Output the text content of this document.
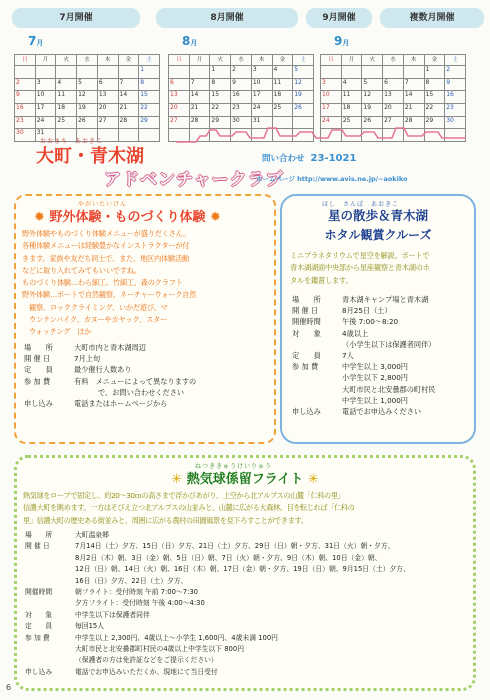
7月開催	8月開催	9月開催	複数月開催
7月
日	月	火	水	木	金	土
						1
2	3	4	5	6	7	8
9	10	11	12	13	14	15
16	17	18	19	20	21	22
23	24	25	26	27	28	29
30	31					
8月
日	月	火	水	木	金	土
		1	2	3	4	5
6	7	8	9	10	11	12
13	14	15	16	17	18	19
20	21	22	23	24	25	26
27	28	29	30	31		

9月
日	月	火	水	木	金	土
					1	2
3	4	5	6	7	8	9
10	11	12	13	14	15	16
17	18	19	20	21	22	23
24	25	26	27	28	29	30

おおまち　あおきこ
大町・青木湖
アドベンチャークラブ
問い合わせ 23-1021
ホームページ http://www.avis.ne.jp/~aokiko
やがいたいけん
✹ 野外体験・ものづくり体験 ✹
野外体験やものづくり体験メニューが盛りだくさん。
各種体験メニューは経験豊かなインストラクターが付
きます。家族や友だち同士で、また、地区内体験活動
などに取り入れてみてもいいですね。
ものづくり体験…わら細工、竹細工、森のクラフト
野外体験…ボートで自然観察、ネーチャーウォーク自然
　観察、ロッククライミング、いかだ遊び、マ
　ウンテンバイク、カヌーやカヤック、スター
　ウォッチング　ほか
場　　所	大町市内と青木湖周辺
開 催 日	7月上旬
定　　員	最少催行人数あり
参 加 費	有料　メニューによって異なりますの
で、お問い合わせください
申し込み	電話またはホームページから
ほし　さんぽ　あおきこ
星の散歩＆青木湖
ホタル観賞クルーズ
ミニプラネタリウムで星空を解説。ボートで
青木湖湖面中央部から星座観察と青木湖のホ
タルを鑑賞します。
場　　所	青木湖キャンプ場と青木湖
開 催 日	8月25日（土）
開催時間	午後 7:00～8:20
対　　象	4歳以上
（小学生以下は保護者同伴）
定　　員	7人
参 加 費	中学生以上 3,000円
小学生以下 2,800円
大町市民と北安曇郡の町村民
中学生以上 1,000円
申し込み	電話でお申込みください
ねつききゅうけいりゅう
✳ 熱気球係留フライト ✳
熱気球をロープで固定し、約20～30ｍの高さまで浮かびあがり、上空から北アルプスの山麓「仁科の里」
信濃大町を眺めます。一方はそびえ立つ北アルプスの山並みと、山麓に広がる大森林。目を転じれば「仁科の
里」信濃大町の歴史ある街並みと、周囲に広がる農村の田園風景を見下ろすことができます。
場　　所	大町温泉郷
開 催 日	7月14日（土）夕方、15日（日）夕方、21日（土）夕方、29日（日）朝・夕方、31日（火）朝・夕方、
8月2日（木）朝、3日（金）朝、5日（日）朝、7日（火）朝・夕方、9日（木）朝、10日（金）朝、
12日（日）朝、14日（火）朝、16日（木）朝、17日（金）朝・夕方、19日（日）朝、9月15日（土）夕方、
16日（日）夕方、22日（土）夕方、
開催時間	朝フライト：受付時刻 午前 7:00～7:30
夕方フライト：受付時刻 午後 4:00～4:30
対　　象	中学生以下は保護者同伴
定　　員	毎回15人
参 加 費	中学生以上 2,300円、4歳以上～小学生 1,600円、4歳未満 100円
大町市民と北安曇郡町村民の4歳以上中学生以下 800円
（保護者の方は免許証などをご提示ください）
申し込み	電話でお申込みいただくか、現地にて当日受付
6
